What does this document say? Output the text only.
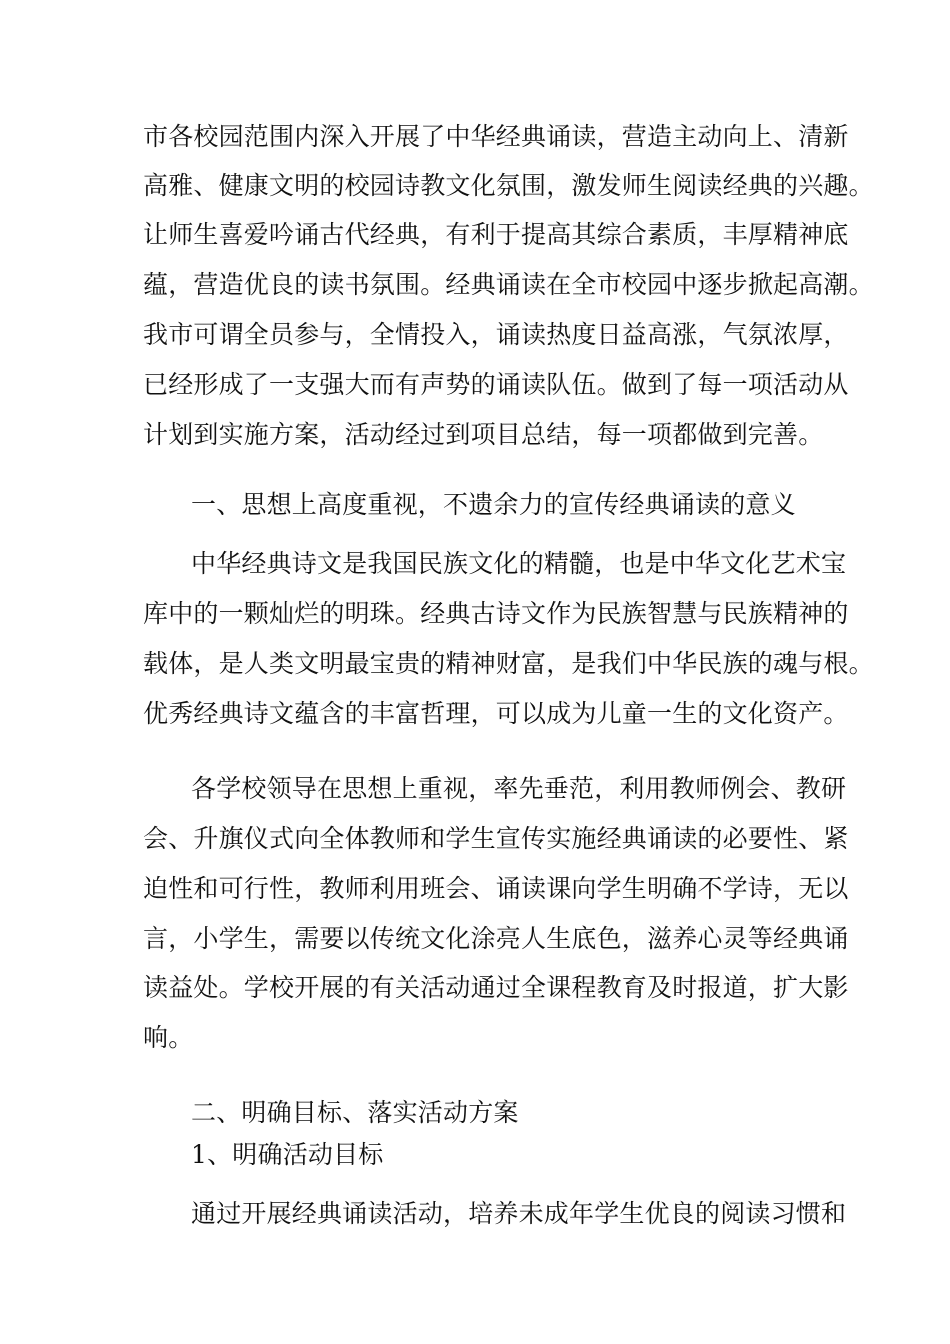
市各校园范围内深入开展了中华经典诵读，营造主动向上、清新
高雅、健康文明的校园诗教文化氛围，激发师生阅读经典的兴趣。
让师生喜爱吟诵古代经典，有利于提高其综合素质，丰厚精神底
蕴，营造优良的读书氛围。经典诵读在全市校园中逐步掀起高潮。
我市可谓全员参与，全情投入，诵读热度日益高涨，气氛浓厚，
已经形成了一支强大而有声势的诵读队伍。做到了每一项活动从
计划到实施方案，活动经过到项目总结，每一项都做到完善。
一、思想上高度重视，不遗余力的宣传经典诵读的意义
中华经典诗文是我国民族文化的精髓，也是中华文化艺术宝
库中的一颗灿烂的明珠。经典古诗文作为民族智慧与民族精神的
载体，是人类文明最宝贵的精神财富，是我们中华民族的魂与根。
优秀经典诗文蕴含的丰富哲理，可以成为儿童一生的文化资产。
各学校领导在思想上重视，率先垂范，利用教师例会、教研
会、升旗仪式向全体教师和学生宣传实施经典诵读的必要性、紧
迫性和可行性，教师利用班会、诵读课向学生明确不学诗，无以
言，小学生，需要以传统文化涂亮人生底色，滋养心灵等经典诵
读益处。学校开展的有关活动通过全课程教育及时报道，扩大影
响。
二、明确目标、落实活动方案
1、明确活动目标
通过开展经典诵读活动，培养未成年学生优良的阅读习惯和
